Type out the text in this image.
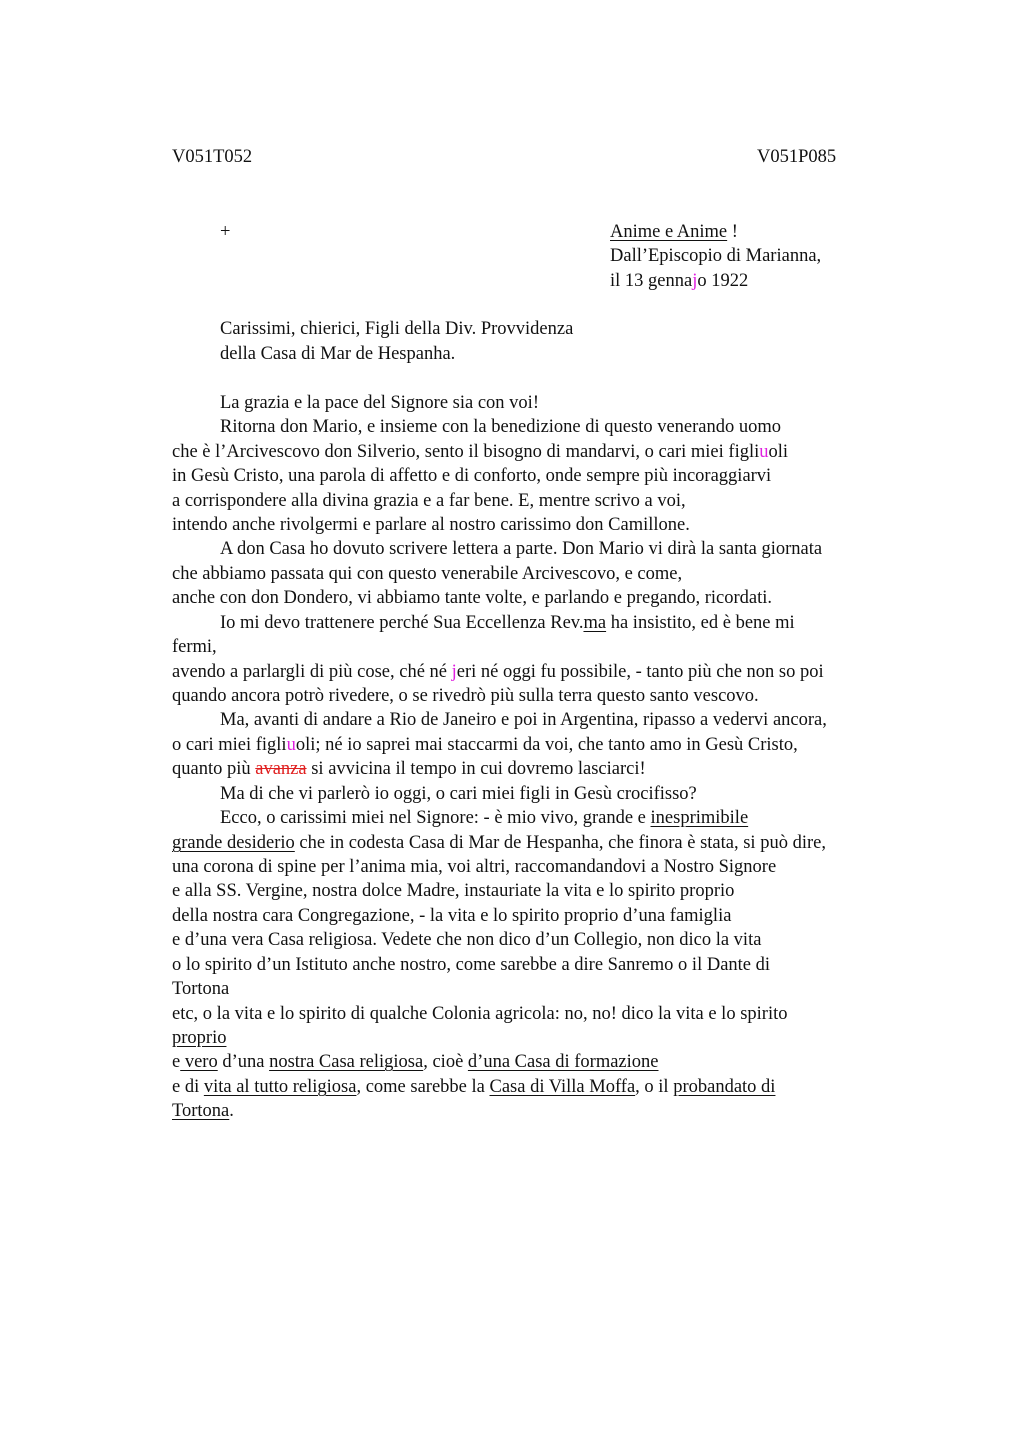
V051T052	V051P085
+	Anime e Anime !
Dall’Episcopio di Marianna,
il 13 gennajo 1922
Carissimi, chierici, Figli della Div. Provvidenza
della Casa di Mar de Hespanha.
La grazia e la pace del Signore sia con voi!
Ritorna don Mario, e insieme con la benedizione di questo venerando uomo
che è l’Arcivescovo don Silverio, sento il bisogno di mandarvi, o cari miei figliuoli
in Gesù Cristo, una parola di affetto e di conforto, onde sempre più incoraggiarvi
a corrispondere alla divina grazia e a far bene. E, mentre scrivo a voi,
intendo anche rivolgermi e parlare al nostro carissimo don Camillone.
A don Casa ho dovuto scrivere lettera a parte. Don Mario vi dirà la santa giornata
che abbiamo passata qui con questo venerabile Arcivescovo, e come,
anche con don Dondero, vi abbiamo tante volte, e parlando e pregando, ricordati.
Io mi devo trattenere perché Sua Eccellenza Rev.ma ha insistito, ed è bene mi
fermi,
avendo a parlargli di più cose, ché né jeri né oggi fu possibile, - tanto più che non so poi
quando ancora potrò rivedere, o se rivedrò più sulla terra questo santo vescovo.
Ma, avanti di andare a Rio de Janeiro e poi in Argentina, ripasso a vedervi ancora,
o cari miei figliuoli; né io saprei mai staccarmi da voi, che tanto amo in Gesù Cristo,
quanto più avanza si avvicina il tempo in cui dovremo lasciarci!
Ma di che vi parlerò io oggi, o cari miei figli in Gesù crocifisso?
Ecco, o carissimi miei nel Signore: - è mio vivo, grande e inesprimibile
grande desiderio che in codesta Casa di Mar de Hespanha, che finora è stata, si può dire,
una corona di spine per l’anima mia, voi altri, raccomandandovi a Nostro Signore
e alla SS. Vergine, nostra dolce Madre, instauriate la vita e lo spirito proprio
della nostra cara Congregazione, - la vita e lo spirito proprio d’una famiglia
e d’una vera Casa religiosa. Vedete che non dico d’un Collegio, non dico la vita
o lo spirito d’un Istituto anche nostro, come sarebbe a dire Sanremo o il Dante di
Tortona
etc, o la vita e lo spirito di qualche Colonia agricola: no, no! dico la vita e lo spirito
proprio
e vero d’una nostra Casa religiosa, cioè d’una Casa di formazione
e di vita al tutto religiosa, come sarebbe la Casa di Villa Moffa, o il probandato di
Tortona.
